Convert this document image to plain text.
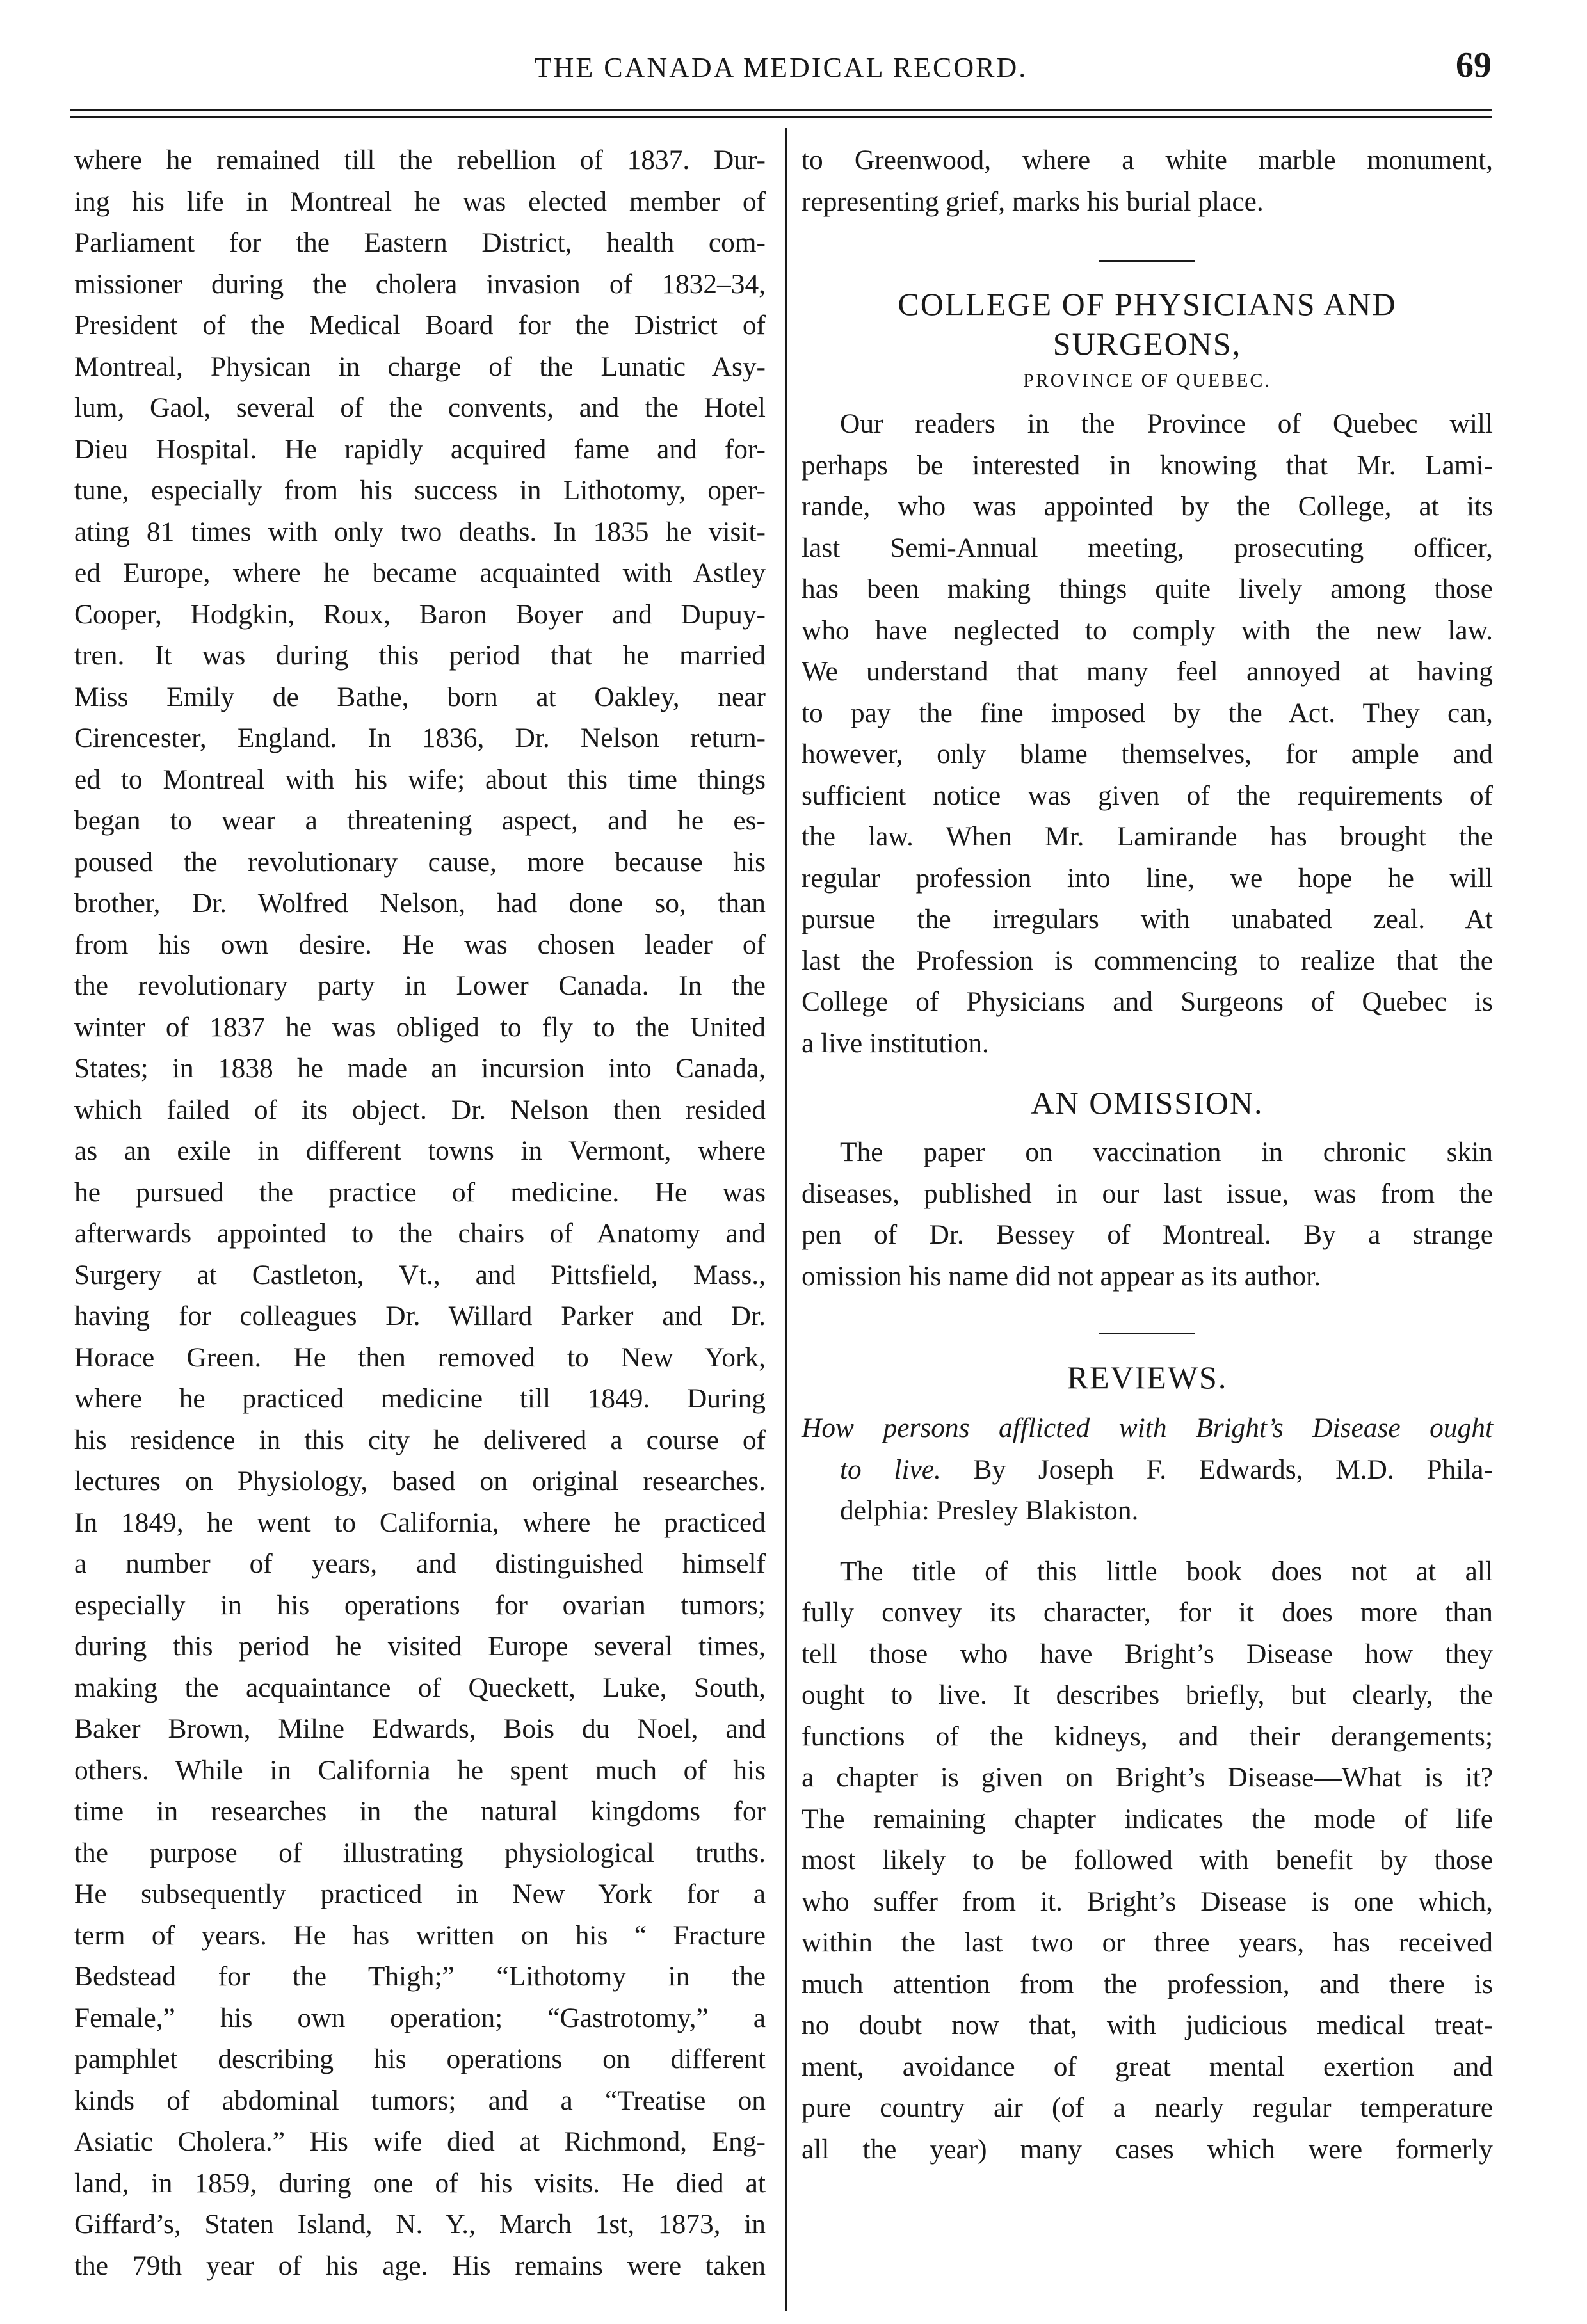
THE CANADA MEDICAL RECORD.	69
where he remained till the rebellion of 1837. Dur-
ing his life in Montreal he was elected member of
Parliament for the Eastern District, health com-
missioner during the cholera invasion of 1832–34,
President of the Medical Board for the District of
Montreal, Physican in charge of the Lunatic Asy-
lum, Gaol, several of the convents, and the Hotel
Dieu Hospital. He rapidly acquired fame and for-
tune, especially from his success in Lithotomy, oper-
ating 81 times with only two deaths. In 1835 he visit-
ed Europe, where he became acquainted with Astley
Cooper, Hodgkin, Roux, Baron Boyer and Dupuy-
tren. It was during this period that he married
Miss Emily de Bathe, born at Oakley, near
Cirencester, England. In 1836, Dr. Nelson return-
ed to Montreal with his wife; about this time things
began to wear a threatening aspect, and he es-
poused the revolutionary cause, more because his
brother, Dr. Wolfred Nelson, had done so, than
from his own desire. He was chosen leader of
the revolutionary party in Lower Canada. In the
winter of 1837 he was obliged to fly to the United
States; in 1838 he made an incursion into Canada,
which failed of its object. Dr. Nelson then resided
as an exile in different towns in Vermont, where
he pursued the practice of medicine. He was
afterwards appointed to the chairs of Anatomy and
Surgery at Castleton, Vt., and Pittsfield, Mass.,
having for colleagues Dr. Willard Parker and Dr.
Horace Green. He then removed to New York,
where he practiced medicine till 1849. During
his residence in this city he delivered a course of
lectures on Physiology, based on original researches.
In 1849, he went to California, where he practiced
a number of years, and distinguished himself
especially in his operations for ovarian tumors;
during this period he visited Europe several times,
making the acquaintance of Queckett, Luke, South,
Baker Brown, Milne Edwards, Bois du Noel, and
others. While in California he spent much of his
time in researches in the natural kingdoms for
the purpose of illustrating physiological truths.
He subsequently practiced in New York for a
term of years. He has written on his “ Fracture
Bedstead for the Thigh;” “Lithotomy in the
Female,” his own operation; “Gastrotomy,” a
pamphlet describing his operations on different
kinds of abdominal tumors; and a “Treatise on
Asiatic Cholera.” His wife died at Richmond, Eng-
land, in 1859, during one of his visits. He died at
Giffard’s, Staten Island, N. Y., March 1st, 1873, in
the 79th year of his age. His remains were taken
to Greenwood, where a white marble monument,
representing grief, marks his burial place.
COLLEGE OF PHYSICIANS AND
SURGEONS,
PROVINCE OF QUEBEC.
Our readers in the Province of Quebec will
perhaps be interested in knowing that Mr. Lami-
rande, who was appointed by the College, at its
last Semi-Annual meeting, prosecuting officer,
has been making things quite lively among those
who have neglected to comply with the new law.
We understand that many feel annoyed at having
to pay the fine imposed by the Act. They can,
however, only blame themselves, for ample and
sufficient notice was given of the requirements of
the law. When Mr. Lamirande has brought the
regular profession into line, we hope he will
pursue the irregulars with unabated zeal. At
last the Profession is commencing to realize that the
College of Physicians and Surgeons of Quebec is
a live institution.
AN OMISSION.
The paper on vaccination in chronic skin
diseases, published in our last issue, was from the
pen of Dr. Bessey of Montreal. By a strange
omission his name did not appear as its author.
REVIEWS.
How persons afflicted with Bright’s Disease ought
to live. By Joseph F. Edwards, M.D. Phila-
delphia: Presley Blakiston.
The title of this little book does not at all
fully convey its character, for it does more than
tell those who have Bright’s Disease how they
ought to live. It describes briefly, but clearly, the
functions of the kidneys, and their derangements;
a chapter is given on Bright’s Disease—What is it?
The remaining chapter indicates the mode of life
most likely to be followed with benefit by those
who suffer from it. Bright’s Disease is one which,
within the last two or three years, has received
much attention from the profession, and there is
no doubt now that, with judicious medical treat-
ment, avoidance of great mental exertion and
pure country air (of a nearly regular temperature
all the year) many cases which were formerly
